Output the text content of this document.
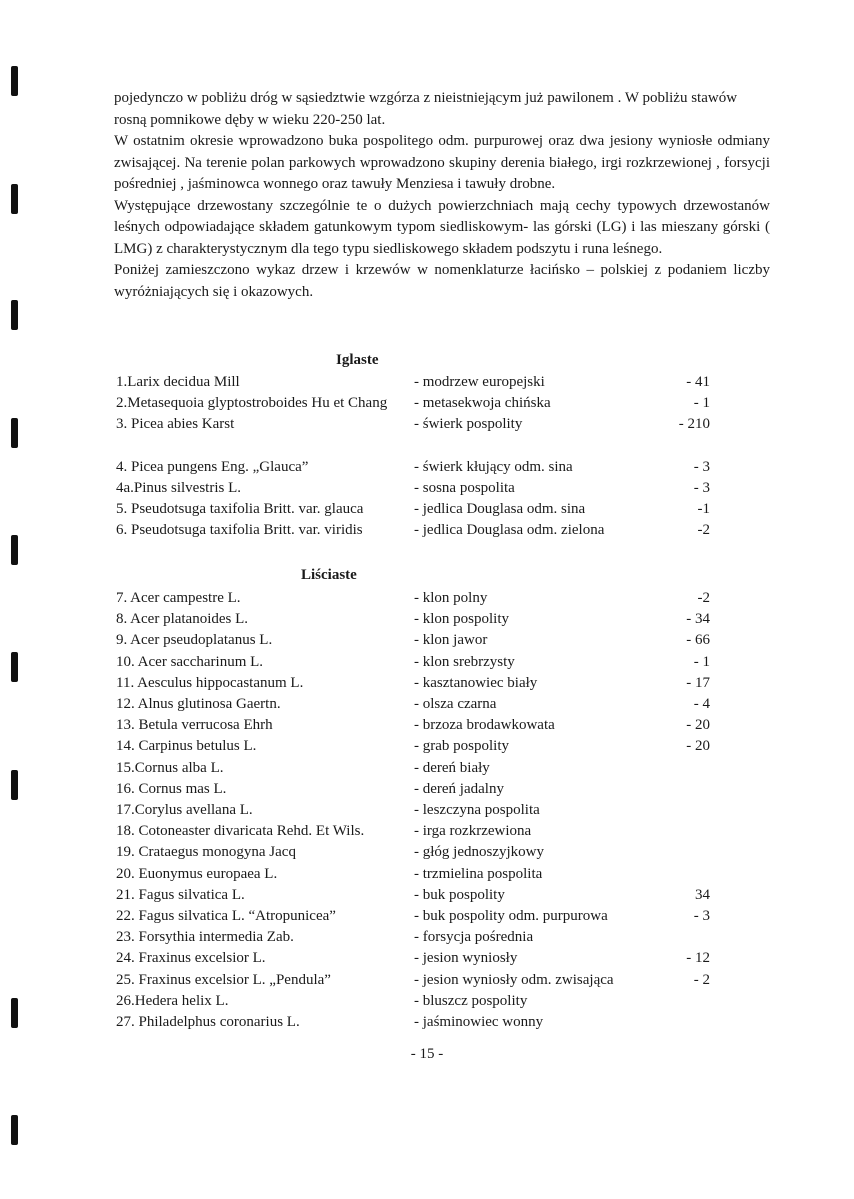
pojedynczo w pobliżu dróg w sąsiedztwie wzgórza z nieistniejącym już pawilonem . W pobliżu stawów rosną pomnikowe dęby w wieku 220-250 lat.

W ostatnim okresie wprowadzono buka pospolitego odm. purpurowej oraz dwa jesiony wyniosłe odmiany zwisającej. Na terenie polan parkowych wprowadzono skupiny derenia białego, irgi rozkrzewionej , forsycji pośredniej , jaśminowca wonnego oraz tawuły Menziesa i tawuły drobne.

Występujące drzewostany szczególnie te o dużych powierzchniach mają cechy typowych drzewostanów leśnych odpowiadające składem gatunkowym typom siedliskowym- las górski (LG) i las mieszany górski ( LMG) z charakterystycznym dla tego typu siedliskowego składem podszytu i runa leśnego.

Poniżej zamieszczono wykaz drzew i krzewów w nomenklaturze łacińsko – polskiej z podaniem liczby wyróżniających się i okazowych.

Iglaste
1.Larix decidua Mill	- modrzew europejski	- 41
2.Metasequoia glyptostroboides Hu et Chang - metasekwoja chińska	- 1
3. Picea abies Karst	- świerk pospolity	- 210
4. Picea pungens Eng. „Glauca”	- świerk kłujący odm. sina	- 3
4a.Pinus silvestris L.	- sosna pospolita	- 3
5. Pseudotsuga taxifolia Britt. var. glauca	- jedlica Douglasa odm. sina	-1
6. Pseudotsuga taxifolia Britt. var. viridis	- jedlica Douglasa odm. zielona	-2
Liściaste
7. Acer campestre L.	- klon polny	-2
8. Acer platanoides L.	- klon pospolity	- 34
9. Acer pseudoplatanus L.	- klon jawor	- 66
10. Acer saccharinum L.	- klon srebrzysty	- 1
11. Aesculus hippocastanum L.	- kasztanowiec biały	- 17
12. Alnus glutinosa Gaertn.	- olsza czarna	- 4
13. Betula verrucosa Ehrh	- brzoza brodawkowata	- 20
14. Carpinus betulus L.	- grab pospolity	- 20
15.Cornus alba L.	- dereń biały
16. Cornus mas L.	- dereń jadalny
17.Corylus avellana L.	- leszczyna pospolita
18. Cotoneaster divaricata Rehd. Et Wils.	- irga rozkrzewiona
19. Crataegus monogyna Jacq	- głóg jednoszyjkowy
20. Euonymus europaea L.	- trzmielina pospolita
21. Fagus silvatica L.	- buk pospolity	34
22. Fagus silvatica L. “Atropunicea”	- buk pospolity odm. purpurowa	- 3
23. Forsythia intermedia Zab.	- forsycja pośrednia
24. Fraxinus excelsior L.	- jesion wyniosły	- 12
25. Fraxinus excelsior L. „Pendula”	- jesion wyniosły odm. zwisająca	- 2
26.Hedera helix L.	- bluszcz pospolity
27. Philadelphus coronarius L.	- jaśminowiec wonny
- 15 -
